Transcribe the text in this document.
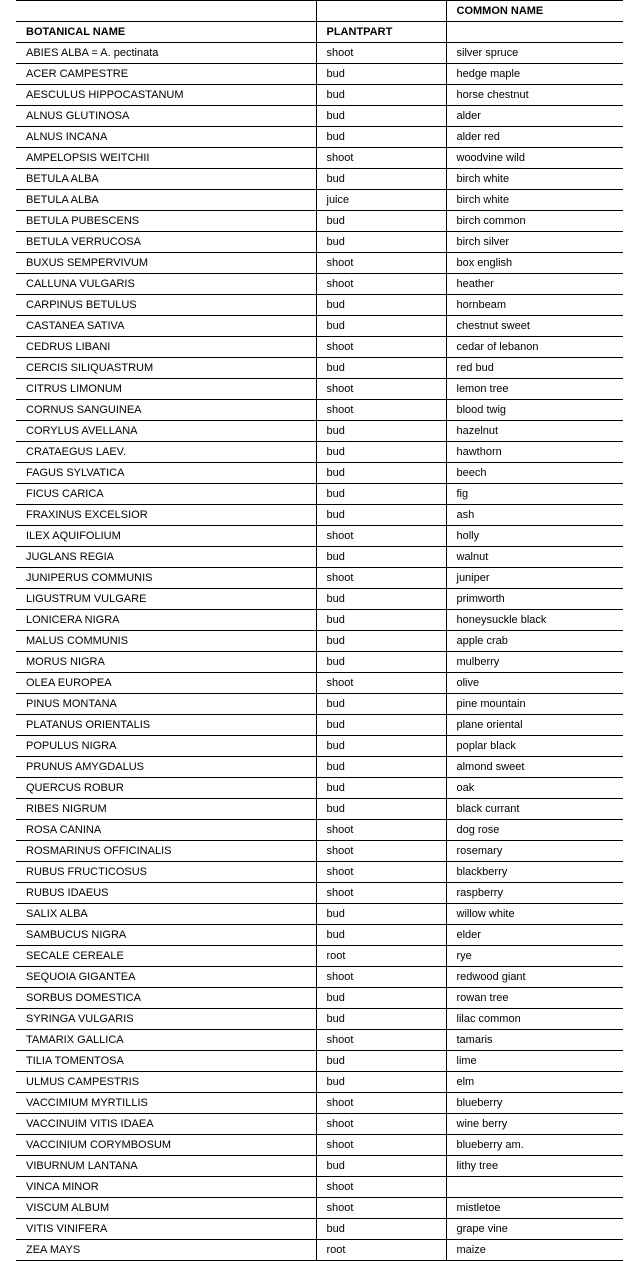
		COMMON NAME
BOTANICAL NAME	PLANTPART	
ABIES ALBA = A. pectinata	shoot	silver spruce
ACER CAMPESTRE	bud	hedge maple
AESCULUS HIPPOCASTANUM	bud	horse chestnut
ALNUS GLUTINOSA	bud	alder
ALNUS INCANA	bud	alder red
AMPELOPSIS WEITCHII	shoot	woodvine wild
BETULA ALBA	bud	birch white
BETULA ALBA	juice	birch white
BETULA PUBESCENS	bud	birch common
BETULA VERRUCOSA	bud	birch silver
BUXUS SEMPERVIVUM	shoot	box english
CALLUNA VULGARIS	shoot	heather
CARPINUS BETULUS	bud	hornbeam
CASTANEA SATIVA	bud	chestnut sweet
CEDRUS LIBANI	shoot	cedar of lebanon
CERCIS SILIQUASTRUM	bud	red bud
CITRUS LIMONUM	shoot	lemon tree
CORNUS SANGUINEA	shoot	blood twig
CORYLUS AVELLANA	bud	hazelnut
CRATAEGUS LAEV.	bud	hawthorn
FAGUS SYLVATICA	bud	beech
FICUS CARICA	bud	fig
FRAXINUS EXCELSIOR	bud	ash
ILEX AQUIFOLIUM	shoot	holly
JUGLANS REGIA	bud	walnut
JUNIPERUS COMMUNIS	shoot	juniper
LIGUSTRUM VULGARE	bud	primworth
LONICERA NIGRA	bud	honeysuckle black
MALUS COMMUNIS	bud	apple crab
MORUS NIGRA	bud	mulberry
OLEA EUROPEA	shoot	olive
PINUS MONTANA	bud	pine mountain
PLATANUS ORIENTALIS	bud	plane oriental
POPULUS NIGRA	bud	poplar black
PRUNUS AMYGDALUS	bud	almond sweet
QUERCUS ROBUR	bud	oak
RIBES NIGRUM	bud	black currant
ROSA CANINA	shoot	dog rose
ROSMARINUS OFFICINALIS	shoot	rosemary
RUBUS FRUCTICOSUS	shoot	blackberry
RUBUS IDAEUS	shoot	raspberry
SALIX ALBA	bud	willow white
SAMBUCUS NIGRA	bud	elder
SECALE CEREALE	root	rye
SEQUOIA GIGANTEA	shoot	redwood giant
SORBUS DOMESTICA	bud	rowan tree
SYRINGA VULGARIS	bud	lilac common
TAMARIX GALLICA	shoot	tamaris
TILIA TOMENTOSA	bud	lime
ULMUS CAMPESTRIS	bud	elm
VACCIMIUM MYRTILLIS	shoot	blueberry
VACCINUIM VITIS IDAEA	shoot	wine berry
VACCINIUM CORYMBOSUM	shoot	blueberry am.
VIBURNUM LANTANA	bud	lithy tree
VINCA MINOR	shoot	
VISCUM ALBUM	shoot	mistletoe
VITIS VINIFERA	bud	grape vine
ZEA MAYS	root	maize
